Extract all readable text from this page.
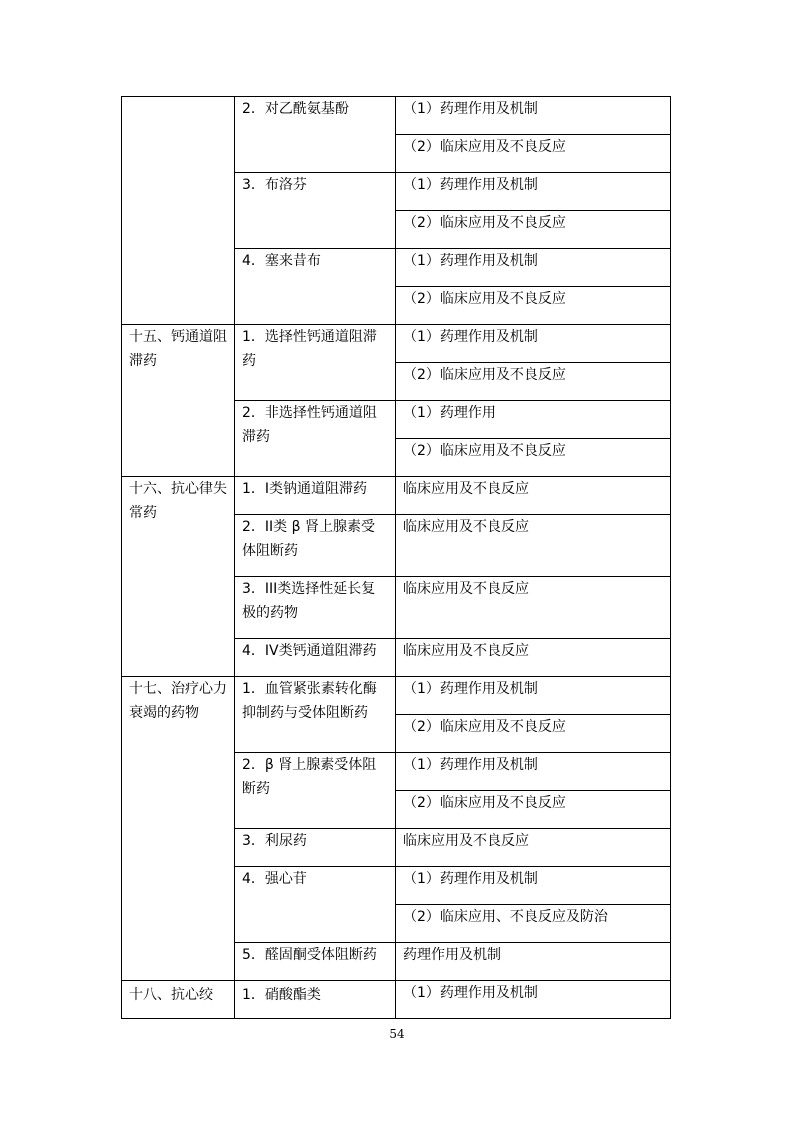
	2．对乙酰氨基酚	（1）药理作用及机制
		（2）临床应用及不良反应
	3．布洛芬	（1）药理作用及机制
		（2）临床应用及不良反应
	4．塞来昔布	（1）药理作用及机制
		（2）临床应用及不良反应
十五、钙通道阻滞药	1．选择性钙通道阻滞药	（1）药理作用及机制
		（2）临床应用及不良反应
	2．非选择性钙通道阻滞药	（1）药理作用
		（2）临床应用及不良反应
十六、抗心律失常药	1．I类钠通道阻滞药	临床应用及不良反应
	2．II类 β 肾上腺素受体阻断药	临床应用及不良反应
	3．III类选择性延长复极的药物	临床应用及不良反应
	4．IV类钙通道阻滞药	临床应用及不良反应
十七、治疗心力衰竭的药物	1．血管紧张素转化酶抑制药与受体阻断药	（1）药理作用及机制
		（2）临床应用及不良反应
	2．β 肾上腺素受体阻断药	（1）药理作用及机制
		（2）临床应用及不良反应
	3．利尿药	临床应用及不良反应
	4．强心苷	（1）药理作用及机制
		（2）临床应用、不良反应及防治
	5．醛固酮受体阻断药	药理作用及机制
十八、抗心绞	1．硝酸酯类	（1）药理作用及机制
54
